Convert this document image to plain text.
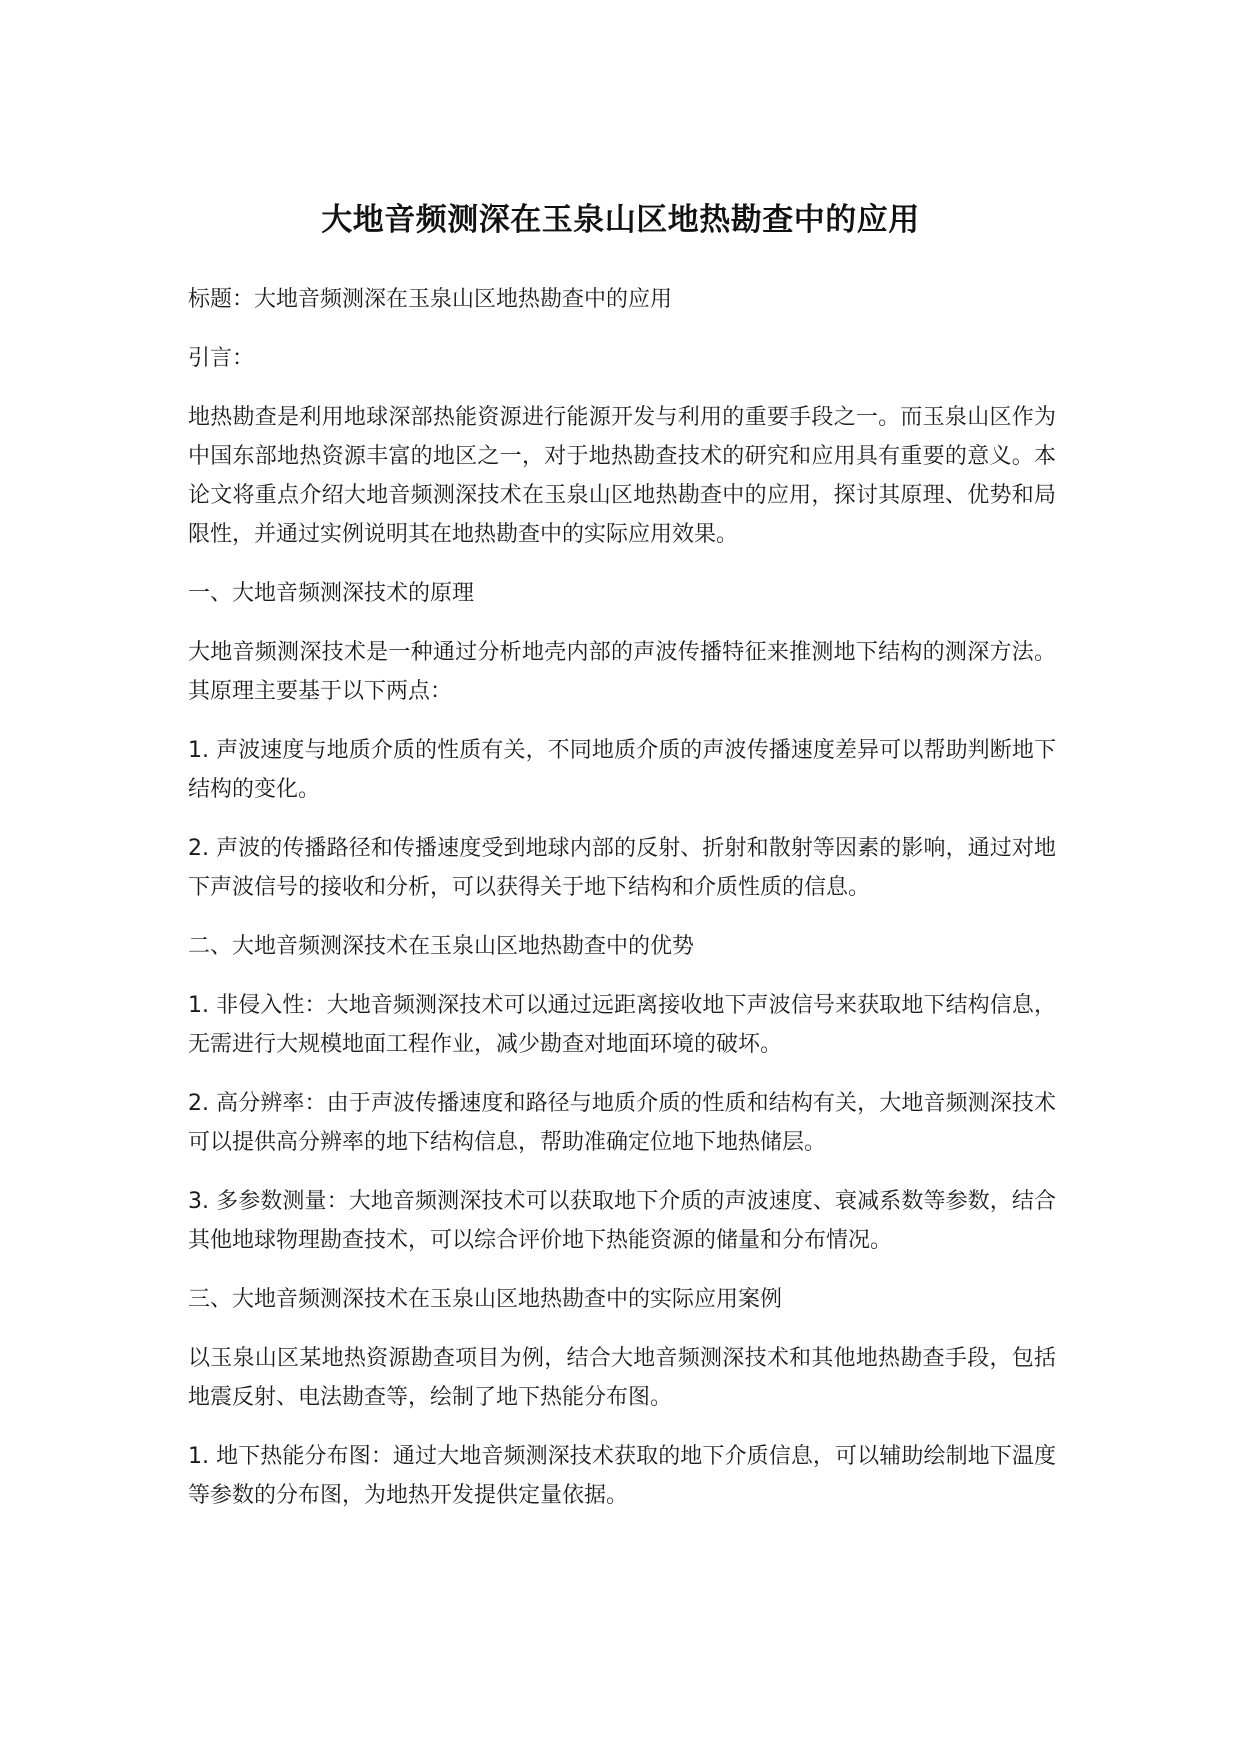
大地音频测深在玉泉山区地热勘查中的应用

标题：大地音频测深在玉泉山区地热勘查中的应用

引言：

地热勘查是利用地球深部热能资源进行能源开发与利用的重要手段之一。而玉泉山区作为中国东部地热资源丰富的地区之一，对于地热勘查技术的研究和应用具有重要的意义。本论文将重点介绍大地音频测深技术在玉泉山区地热勘查中的应用，探讨其原理、优势和局限性，并通过实例说明其在地热勘查中的实际应用效果。

一、大地音频测深技术的原理

大地音频测深技术是一种通过分析地壳内部的声波传播特征来推测地下结构的测深方法。其原理主要基于以下两点：

1. 声波速度与地质介质的性质有关，不同地质介质的声波传播速度差异可以帮助判断地下结构的变化。

2. 声波的传播路径和传播速度受到地球内部的反射、折射和散射等因素的影响，通过对地下声波信号的接收和分析，可以获得关于地下结构和介质性质的信息。

二、大地音频测深技术在玉泉山区地热勘查中的优势

1. 非侵入性：大地音频测深技术可以通过远距离接收地下声波信号来获取地下结构信息，无需进行大规模地面工程作业，减少勘查对地面环境的破坏。

2. 高分辨率：由于声波传播速度和路径与地质介质的性质和结构有关，大地音频测深技术可以提供高分辨率的地下结构信息，帮助准确定位地下地热储层。

3. 多参数测量：大地音频测深技术可以获取地下介质的声波速度、衰减系数等参数，结合其他地球物理勘查技术，可以综合评价地下热能资源的储量和分布情况。

三、大地音频测深技术在玉泉山区地热勘查中的实际应用案例

以玉泉山区某地热资源勘查项目为例，结合大地音频测深技术和其他地热勘查手段，包括地震反射、电法勘查等，绘制了地下热能分布图。

1. 地下热能分布图：通过大地音频测深技术获取的地下介质信息，可以辅助绘制地下温度等参数的分布图，为地热开发提供定量依据。
